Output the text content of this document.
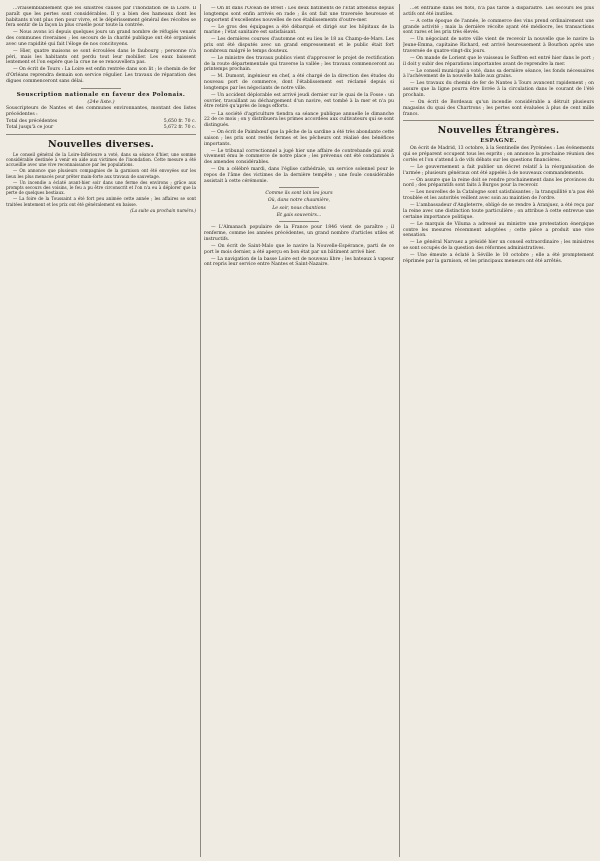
...vraisemblablement que les sinistres causés par l'inondation de la Loire. Il paraît que les pertes sont considérables. Il y a bien des hameaux dont les habitants n'ont plus rien pour vivre, et le dépérissement général des récoltes se fera sentir de la façon la plus cruelle pour toute la contrée.

— Nous avons ici depuis quelques jours un grand nombre de réfugiés venant des communes riveraines ; les secours de la charité publique ont été organisés avec une rapidité qui fait l'éloge de nos concitoyens.

— Hier, quatre maisons se sont écroulées dans le faubourg ; personne n'a péri, mais les habitants ont perdu tout leur mobilier. Les eaux baissent lentement et l'on espère que la crue ne se renouvellera pas.

— On écrit de Tours : La Loire est enfin rentrée dans son lit ; le chemin de fer d'Orléans reprendra demain son service régulier. Les travaux de réparation des digues commenceront sans délai.

Souscription nationale en faveur des Polonais.
(24e liste.)

Souscripteurs de Nantes et des communes environnantes, montant des listes précédentes :

Total des précédentes	5,650 fr. 70 c.
Total jusqu'à ce jour	5,672 fr. 70 c.
Nouvelles diverses.

Le conseil général de la Loire-Inférieure a voté, dans sa séance d'hier, une somme considérable destinée à venir en aide aux victimes de l'inondation. Cette mesure a été accueillie avec une vive reconnaissance par les populations.

— On annonce que plusieurs compagnies de la garnison ont été envoyées sur les lieux les plus menacés pour prêter main-forte aux travaux de sauvetage.

— Un incendie a éclaté avant-hier soir dans une ferme des environs ; grâce aux prompts secours des voisins, le feu a pu être circonscrit et l'on n'a eu à déplorer que la perte de quelques bestiaux.

— La foire de la Toussaint a été fort peu animée cette année ; les affaires se sont traitées lentement et les prix ont été généralement en baisse.

(La suite au prochain numéro.)

— On lit dans l'Océan de Brest : Les deux bâtiments de l'État attendus depuis longtemps sont enfin arrivés en rade ; ils ont fait une traversée heureuse et rapportent d'excellentes nouvelles de nos établissements d'outre-mer.

— Le gros des équipages a été débarqué et dirigé sur les hôpitaux de la marine ; l'état sanitaire est satisfaisant.

— Les dernières courses d'automne ont eu lieu le 18 au Champ-de-Mars. Les prix ont été disputés avec un grand empressement et le public était fort nombreux malgré le temps douteux.

— Le ministre des travaux publics vient d'approuver le projet de rectification de la route départementale qui traverse la vallée ; les travaux commenceront au printemps prochain.

— M. Dumont, ingénieur en chef, a été chargé de la direction des études du nouveau port de commerce, dont l'établissement est réclamé depuis si longtemps par les négociants de notre ville.

— Un accident déplorable est arrivé jeudi dernier sur le quai de la Fosse : un ouvrier, travaillant au déchargement d'un navire, est tombé à la mer et n'a pu être retiré qu'après de longs efforts.

— La société d'agriculture tiendra sa séance publique annuelle le dimanche 22 de ce mois ; on y distribuera les primes accordées aux cultivateurs qui se sont distingués.

— On écrit de Paimbœuf que la pêche de la sardine a été très abondante cette saison ; les prix sont restés fermes et les pêcheurs ont réalisé des bénéfices importants.

— Le tribunal correctionnel a jugé hier une affaire de contrebande qui avait vivement ému le commerce de notre place ; les prévenus ont été condamnés à des amendes considérables.

— On a célébré mardi, dans l'église cathédrale, un service solennel pour le repos de l'âme des victimes de la dernière tempête ; une foule considérable assistait à cette cérémonie.

Comme ils sont loin les jours

Où, dans notre chaumière,

Le soir, nous chantions

Et gais souvenirs...

— L'Almanach populaire de la France pour 1846 vient de paraître ; il renferme, comme les années précédentes, un grand nombre d'articles utiles et instructifs.

— On écrit de Saint-Malo que le navire la Nouvelle-Espérance, parti de ce port le mois dernier, a été aperçu en bon état par un bâtiment arrivé hier.

— La navigation de la basse Loire est de nouveau libre ; les bateaux à vapeur ont repris leur service entre Nantes et Saint-Nazaire.

...et entraîné dans les flots, n'a pas tardé à disparaître. Les secours les plus actifs ont été inutiles.

— A cette époque de l'année, le commerce des vins prend ordinairement une grande activité ; mais la dernière récolte ayant été médiocre, les transactions sont rares et les prix très élevés.

— Un négociant de notre ville vient de recevoir la nouvelle que le navire la Jeune-Emma, capitaine Richard, est arrivé heureusement à Bourbon après une traversée de quatre-vingt-dix jours.

— On mande de Lorient que le vaisseau le Suffren est entré hier dans le port ; il doit y subir des réparations importantes avant de reprendre la mer.

— Le conseil municipal a voté, dans sa dernière séance, les fonds nécessaires à l'achèvement de la nouvelle halle aux grains.

— Les travaux du chemin de fer de Nantes à Tours avancent rapidement ; on assure que la ligne pourra être livrée à la circulation dans le courant de l'été prochain.

— On écrit de Bordeaux qu'un incendie considérable a détruit plusieurs magasins du quai des Chartrons ; les pertes sont évaluées à plus de cent mille francs.

Nouvelles Étrangères.
ESPAGNE.

On écrit de Madrid, 13 octobre, à la Sentinelle des Pyrénées : Les événements qui se préparent occupent tous les esprits ; on annonce la prochaine réunion des cortès et l'on s'attend à de vifs débats sur les questions financières.

— Le gouvernement a fait publier un décret relatif à la réorganisation de l'armée ; plusieurs généraux ont été appelés à de nouveaux commandements.

— On assure que la reine doit se rendre prochainement dans les provinces du nord ; des préparatifs sont faits à Burgos pour la recevoir.

— Les nouvelles de la Catalogne sont satisfaisantes ; la tranquillité n'a pas été troublée et les autorités veillent avec soin au maintien de l'ordre.

— L'ambassadeur d'Angleterre, obligé de se rendre à Aranjuez, a été reçu par la reine avec une distinction toute particulière ; on attribue à cette entrevue une certaine importance politique.

— Le marquis de Viluma a adressé au ministre une protestation énergique contre les mesures récemment adoptées ; cette pièce a produit une vive sensation.

— Le général Narvaez a présidé hier un conseil extraordinaire ; les ministres se sont occupés de la question des réformes administratives.

— Une émeute a éclaté à Séville le 10 octobre ; elle a été promptement réprimée par la garnison, et les principaux meneurs ont été arrêtés.
